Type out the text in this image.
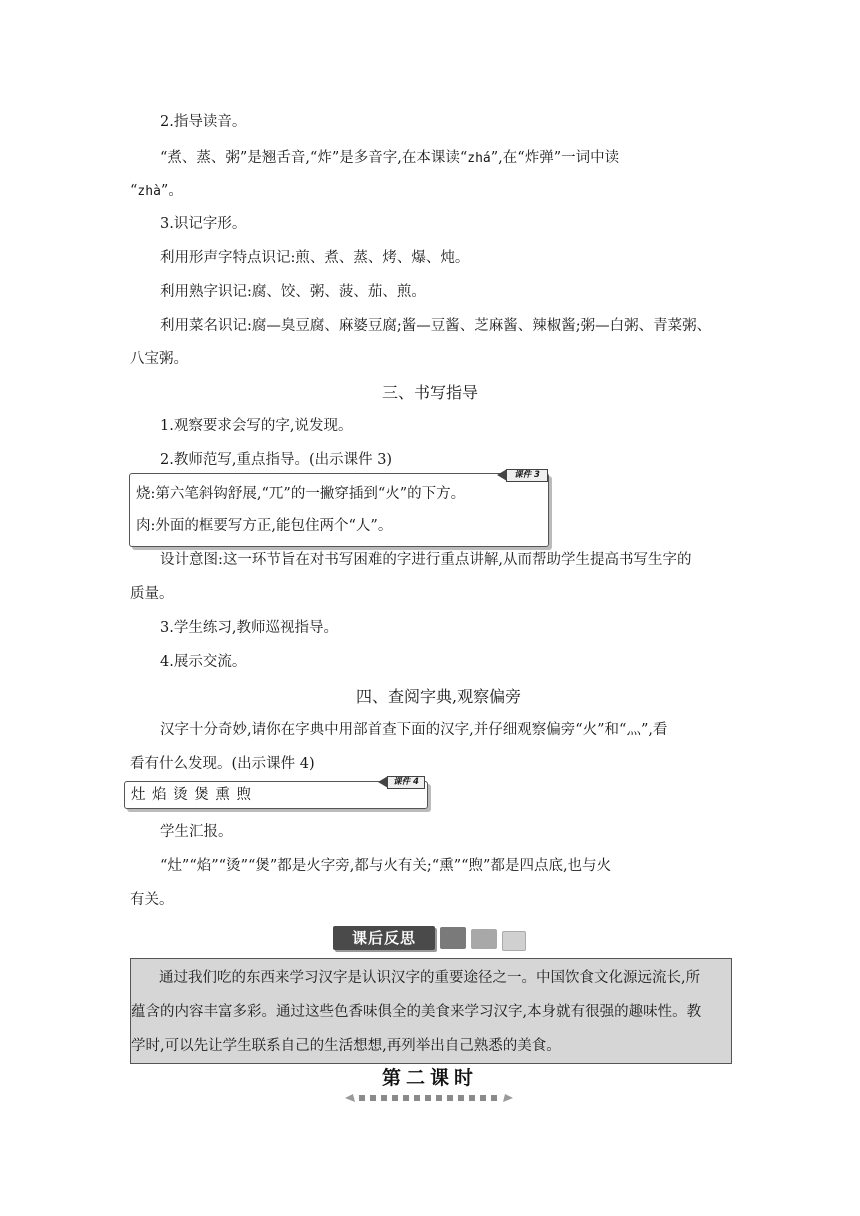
2.指导读音。
“煮、蒸、粥”是翘舌音,“炸”是多音字,在本课读“zhá”,在“炸弹”一词中读
“zhà”。
3.识记字形。
利用形声字特点识记:煎、煮、蒸、烤、爆、炖。
利用熟字识记:腐、饺、粥、菠、茄、煎。
利用菜名识记:腐—臭豆腐、麻婆豆腐;酱—豆酱、芝麻酱、辣椒酱;粥—白粥、青菜粥、
八宝粥。
三、书写指导
1.观察要求会写的字,说发现。
2.教师范写,重点指导。(出示课件 3)
课件 3
烧:第六笔斜钩舒展,“兀”的一撇穿插到“火”的下方。
肉:外面的框要写方正,能包住两个“人”。
设计意图:这一环节旨在对书写困难的字进行重点讲解,从而帮助学生提高书写生字的
质量。
3.学生练习,教师巡视指导。
4.展示交流。
四、查阅字典,观察偏旁
汉字十分奇妙,请你在字典中用部首查下面的汉字,并仔细观察偏旁“火”和“灬”,看
看有什么发现。(出示课件 4)
课件 4
灶 焰 烫 煲 熏 煦
学生汇报。
“灶”“焰”“烫”“煲”都是火字旁,都与火有关;“熏”“煦”都是四点底,也与火
有关。
课后反思
通过我们吃的东西来学习汉字是认识汉字的重要途径之一。中国饮食文化源远流长,所
蕴含的内容丰富多彩。通过这些色香味俱全的美食来学习汉字,本身就有很强的趣味性。教
学时,可以先让学生联系自己的生活想想,再列举出自己熟悉的美食。
第二课时
